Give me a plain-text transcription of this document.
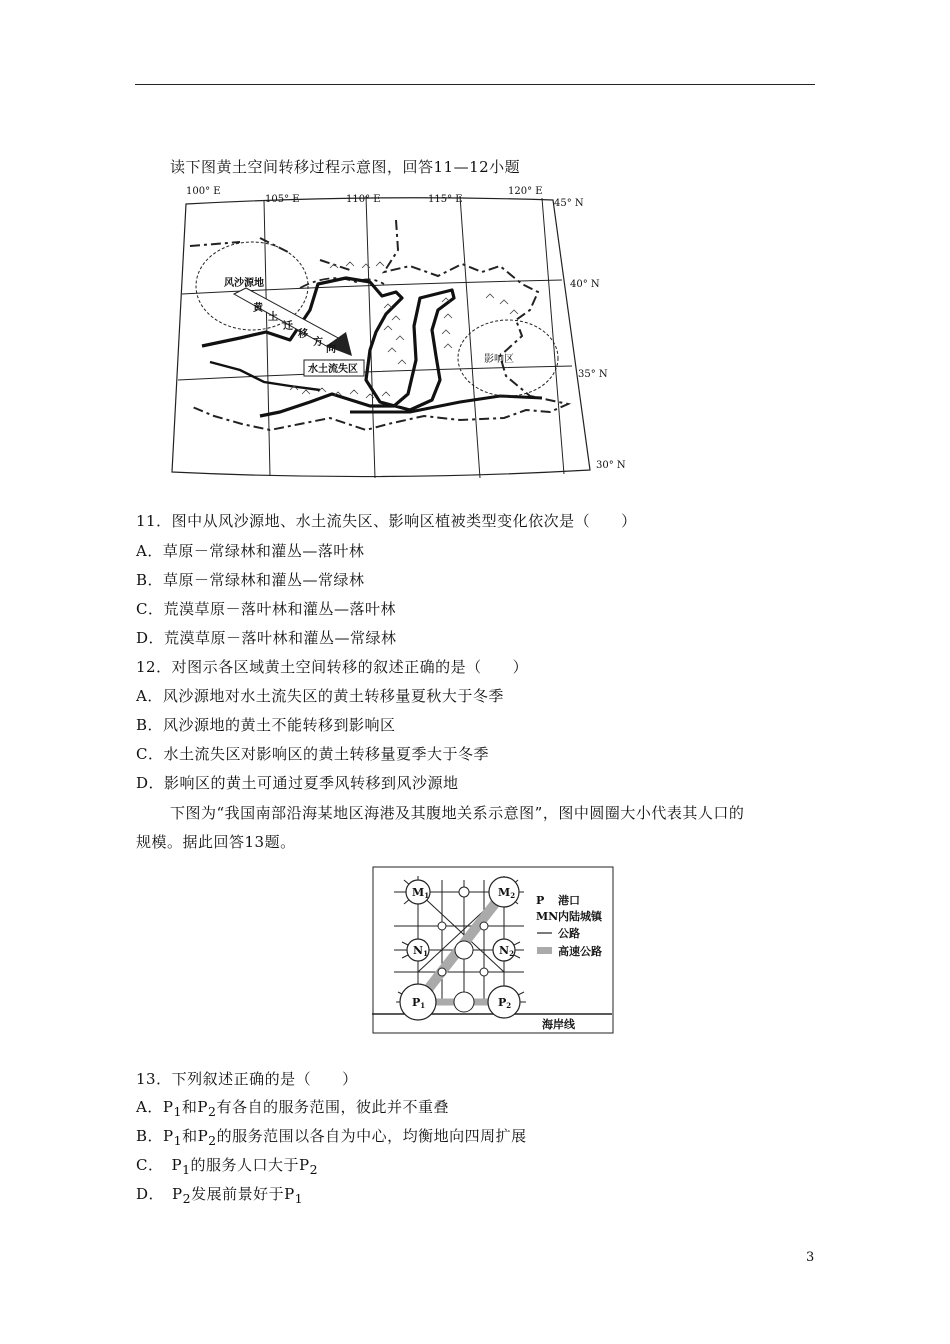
读下图黄土空间转移过程示意图，回答11—12小题
100° E
105° E	110° E	115° E
120° E
45° N
40° N
35° N
30° N
风沙源地
影响区
黄
土
迁
移
方
向
水土流失区
11．图中从风沙源地、水土流失区、影响区植被类型变化依次是（　　）
A．草原－常绿林和灌丛—落叶林
B．草原－常绿林和灌丛—常绿林
C．荒漠草原－落叶林和灌丛—落叶林
D．荒漠草原－落叶林和灌丛—常绿林
12．对图示各区域黄土空间转移的叙述正确的是（　　）
A．风沙源地对水土流失区的黄土转移量夏秋大于冬季
B．风沙源地的黄土不能转移到影响区
C．水土流失区对影响区的黄土转移量夏季大于冬季
D．影响区的黄土可通过夏季风转移到风沙源地
下图为“我国南部沿海某地区海港及其腹地关系示意图”，图中圆圈大小代表其人口的
规模。据此回答13题。
M1	M2
N1	N2
P1	P2
P 港口
MN 内陆城镇
公路
高速公路
海岸线
13．下列叙述正确的是（　　）
A．$P_1$和$P_2$有各自的服务范围，彼此并不重叠
B．$P_1$和$P_2$的服务范围以各自为中心，均衡地向四周扩展
C．　$P_1$的服务人口大于$P_2$
D．　$P_2$发展前景好于$P_1$
3
